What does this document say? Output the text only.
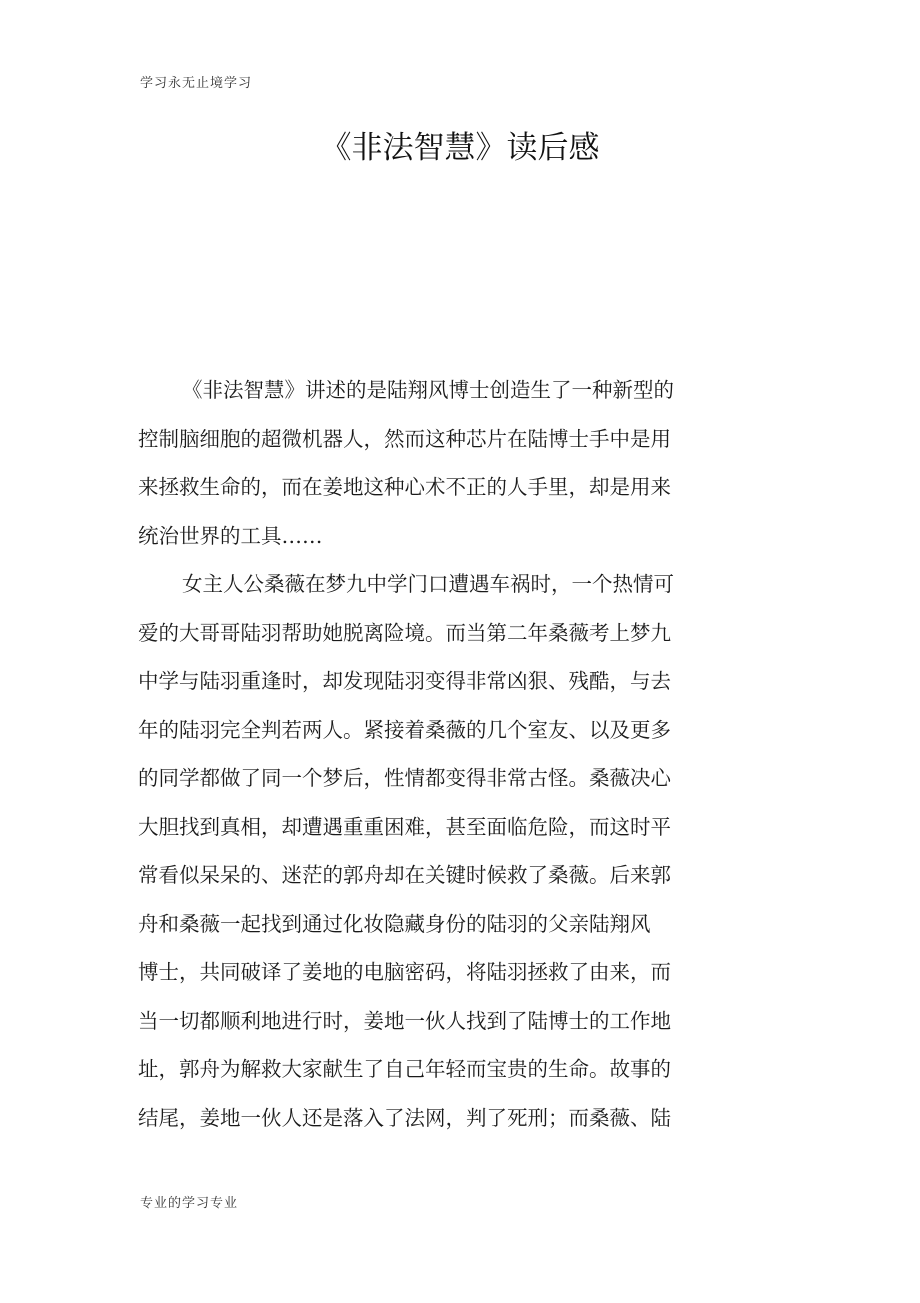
学习永无止境学习
《非法智慧》读后感
《非法智慧》讲述的是陆翔风博士创造生了一种新型的
控制脑细胞的超微机器人，然而这种芯片在陆博士手中是用
来拯救生命的，而在姜地这种心术不正的人手里，却是用来
统治世界的工具……
女主人公桑薇在梦九中学门口遭遇车祸时，一个热情可
爱的大哥哥陆羽帮助她脱离险境。而当第二年桑薇考上梦九
中学与陆羽重逢时，却发现陆羽变得非常凶狠、残酷，与去
年的陆羽完全判若两人。紧接着桑薇的几个室友、以及更多
的同学都做了同一个梦后，性情都变得非常古怪。桑薇决心
大胆找到真相，却遭遇重重困难，甚至面临危险，而这时平
常看似呆呆的、迷茫的郭舟却在关键时候救了桑薇。后来郭
舟和桑薇一起找到通过化妆隐藏身份的陆羽的父亲陆翔风
博士，共同破译了姜地的电脑密码，将陆羽拯救了由来，而
当一切都顺利地进行时，姜地一伙人找到了陆博士的工作地
址，郭舟为解救大家献生了自己年轻而宝贵的生命。故事的
结尾，姜地一伙人还是落入了法网，判了死刑；而桑薇、陆
专业的学习专业
